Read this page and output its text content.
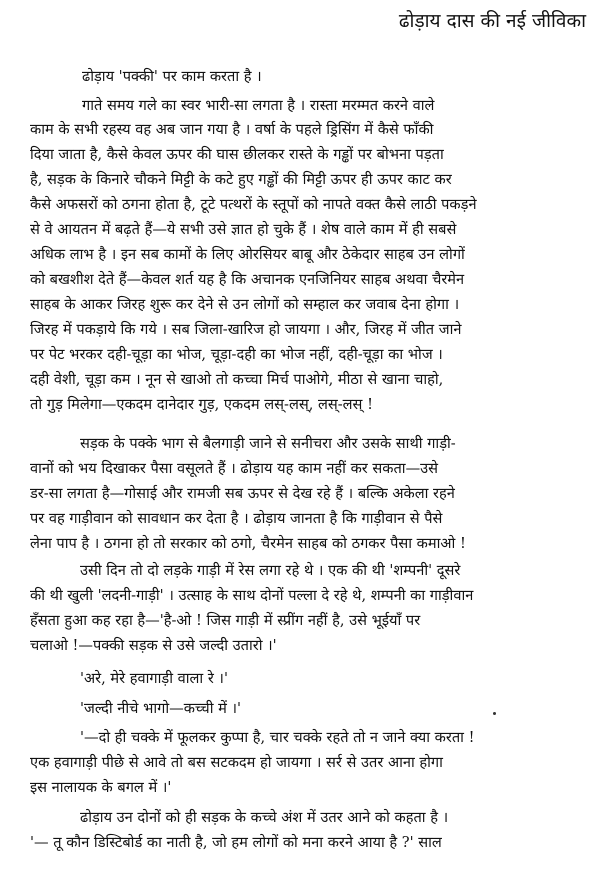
ढोड़ाय दास की नई जीविका
ढोड़ाय 'पक्की' पर काम करता है ।
गाते समय गले का स्वर भारी-सा लगता है । रास्ता मरम्मत करने वाले
काम के सभी रहस्य वह अब जान गया है । वर्षा के पहले ड्रिसिंग में कैसे फाँकी
दिया जाता है, कैसे केवल ऊपर की घास छीलकर रास्ते के गड्ढों पर बोभना पड़ता
है, सड़क के किनारे चौकने मिट्टी के कटे हुए गड्ढों की मिट्टी ऊपर ही ऊपर काट कर
कैसे अफसरों को ठगना होता है, टूटे पत्थरों के स्तूपों को नापते वक्त कैसे लाठी पकड़ने
से वे आयतन में बढ़ते हैं—ये सभी उसे ज्ञात हो चुके हैं । शेष वाले काम में ही सबसे
अधिक लाभ है । इन सब कामों के लिए ओरसियर बाबू और ठेकेदार साहब उन लोगों
को बखशीश देते हैं—केवल शर्त यह है कि अचानक एनजिनियर साहब अथवा चैरमेन
साहब के आकर जिरह शुरू कर देने से उन लोगों को सम्हाल कर जवाब देना होगा ।
जिरह में पकड़ाये कि गये । सब जिला-खारिज हो जायगा । और, जिरह में जीत जाने
पर पेट भरकर दही-चूड़ा का भोज, चूड़ा-दही का भोज नहीं, दही-चूड़ा का भोज ।
दही वेशी, चूड़ा कम । नून से खाओ तो कच्चा मिर्च पाओगे, मीठा से खाना चाहो,
तो गुड़ मिलेगा—एकदम दानेदार गुड़, एकदम लस्-लस्, लस्-लस् !
सड़क के पक्के भाग से बैलगाड़ी जाने से सनीचरा और उसके साथी गाड़ी-
वानों को भय दिखाकर पैसा वसूलते हैं । ढोड़ाय यह काम नहीं कर सकता—उसे
डर-सा लगता है—गोसाई और रामजी सब ऊपर से देख रहे हैं । बल्कि अकेला रहने
पर वह गाड़ीवान को सावधान कर देता है । ढोड़ाय जानता है कि गाड़ीवान से पैसे
लेना पाप है । ठगना हो तो सरकार को ठगो, चैरमेन साहब को ठगकर पैसा कमाओ !
उसी दिन तो दो लड़के गाड़ी में रेस लगा रहे थे । एक की थी 'शम्पनी' दूसरे
की थी खुली 'लदनी-गाड़ी' । उत्साह के साथ दोनों पल्ला दे रहे थे, शम्पनी का गाड़ीवान
हँसता हुआ कह रहा है—'है-ओ ! जिस गाड़ी में स्प्रींग नहीं है, उसे भूईयाँ पर
चलाओ !—पक्की सड़क से उसे जल्दी उतारो ।'
'अरे, मेरे हवागाड़ी वाला रे ।'
'जल्दी नीचे भागो—कच्ची में ।'
'—दो ही चक्के में फूलकर कुप्पा है, चार चक्के रहते तो न जाने क्या करता !
एक हवागाड़ी पीछे से आवे तो बस सटकदम हो जायगा । सर्र से उतर आना होगा
इस नालायक के बगल में ।'
ढोड़ाय उन दोनों को ही सड़क के कच्चे अंश में उतर आने को कहता है ।
'— तू कौन डिस्टिबोर्ड का नाती है, जो हम लोगों को मना करने आया है ?' साल
